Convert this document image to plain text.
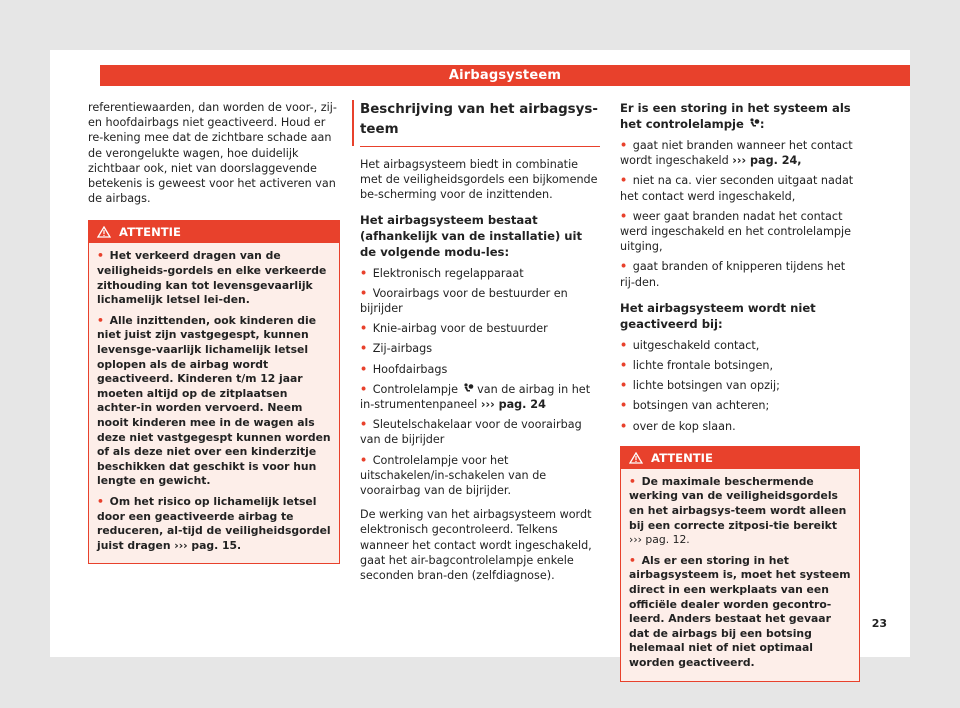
Airbagsysteem

referentiewaarden, dan worden de voor-, zij-en hoofdairbags niet geactiveerd. Houd er re-kening mee dat de zichtbare schade aan de verongelukte wagen, hoe duidelijk zichtbaar ook, niet van doorslaggevende betekenis is geweest voor het activeren van de airbags.

ATTENTIE
• Het verkeerd dragen van de veiligheids-gordels en elke verkeerde zithouding kan tot levensgevaarlijk lichamelijk letsel lei-den.
• Alle inzittenden, ook kinderen die niet juist zijn vastgegespt, kunnen levensge-vaarlijk lichamelijk letsel oplopen als de airbag wordt geactiveerd. Kinderen t/m 12 jaar moeten altijd op de zitplaatsen achter-in worden vervoerd. Neem nooit kinderen mee in de wagen als deze niet vastgegespt kunnen worden of als deze niet over een kinderzitje beschikken dat geschikt is voor hun lengte en gewicht.
• Om het risico op lichamelijk letsel door een geactiveerde airbag te reduceren, al-tijd de veiligheidsgordel juist dragen ››› pag. 15.
Beschrijving van het airbagsys-teem

Het airbagsysteem biedt in combinatie met de veiligheidsgordels een bijkomende be-scherming voor de inzittenden.

Het airbagsysteem bestaat (afhankelijk van de installatie) uit de volgende modu-les:
• Elektronisch regelapparaat
• Voorairbags voor de bestuurder en bijrijder
• Knie-airbag voor de bestuurder
• Zij-airbags
• Hoofdairbags
• Controlelampje van de airbag in het in-strumentenpaneel ››› pag. 24
• Sleutelschakelaar voor de voorairbag van de bijrijder
• Controlelampje voor het uitschakelen/in-schakelen van de voorairbag van de bijrijder.

De werking van het airbagsysteem wordt elektronisch gecontroleerd. Telkens wanneer het contact wordt ingeschakeld, gaat het air-bagcontrolelampje enkele seconden bran-den (zelfdiagnose).

Er is een storing in het systeem als het controlelampje :
• gaat niet branden wanneer het contact wordt ingeschakeld ››› pag. 24,
• niet na ca. vier seconden uitgaat nadat het contact werd ingeschakeld,
• weer gaat branden nadat het contact werd ingeschakeld en het controlelampje uitging,
• gaat branden of knipperen tijdens het rij-den.
Het airbagsysteem wordt niet geactiveerd bij:
• uitgeschakeld contact,
• lichte frontale botsingen,
• lichte botsingen van opzij;
• botsingen van achteren;
• over de kop slaan.
ATTENTIE
• De maximale beschermende werking van de veiligheidsgordels en het airbagsys-teem wordt alleen bij een correcte zitposi-tie bereikt ››› pag. 12.
• Als er een storing in het airbagsysteem is, moet het systeem direct in een werkplaats van een officiële dealer worden gecontro-leerd. Anders bestaat het gevaar dat de airbags bij een botsing helemaal niet of niet optimaal worden geactiveerd.
23
